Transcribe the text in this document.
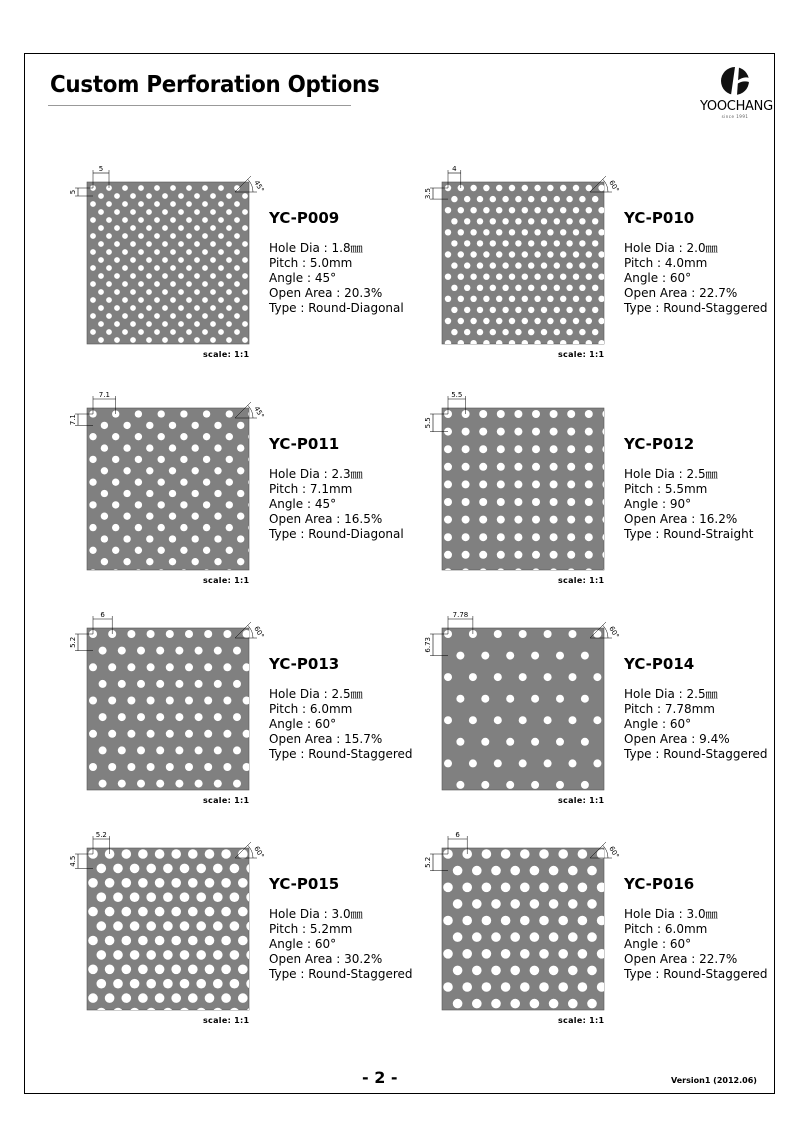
Custom Perforation Options
YOOCHANG
since 1991
5
5	45°
4
3.5	60°
7.1
7.1	45°
5.5
5.5
6
5.2
60°
7.78
6.73
60°
5.2
4.5
60°
6
5.2
60°
YC-P009
Hole Dia : 1.8㎜
Pitch : 5.0mm
Angle : 45°
Open Area : 20.3%
Type : Round-Diagonal
scale: 1:1
YC-P010
Hole Dia : 2.0㎜
Pitch : 4.0mm
Angle : 60°
Open Area : 22.7%
Type : Round-Staggered
scale: 1:1
YC-P011
Hole Dia : 2.3㎜
Pitch : 7.1mm
Angle : 45°
Open Area : 16.5%
Type : Round-Diagonal
scale: 1:1
YC-P012
Hole Dia : 2.5㎜
Pitch : 5.5mm
Angle : 90°
Open Area : 16.2%
Type : Round-Straight
scale: 1:1
YC-P013
Hole Dia : 2.5㎜
Pitch : 6.0mm
Angle : 60°
Open Area : 15.7%
Type : Round-Staggered
scale: 1:1
YC-P014
Hole Dia : 2.5㎜
Pitch : 7.78mm
Angle : 60°
Open Area : 9.4%
Type : Round-Staggered
scale: 1:1
YC-P015
Hole Dia : 3.0㎜
Pitch : 5.2mm
Angle : 60°
Open Area : 30.2%
Type : Round-Staggered
scale: 1:1
YC-P016
Hole Dia : 3.0㎜
Pitch : 6.0mm
Angle : 60°
Open Area : 22.7%
Type : Round-Staggered
scale: 1:1
- 2 -	Version1 (2012.06)
